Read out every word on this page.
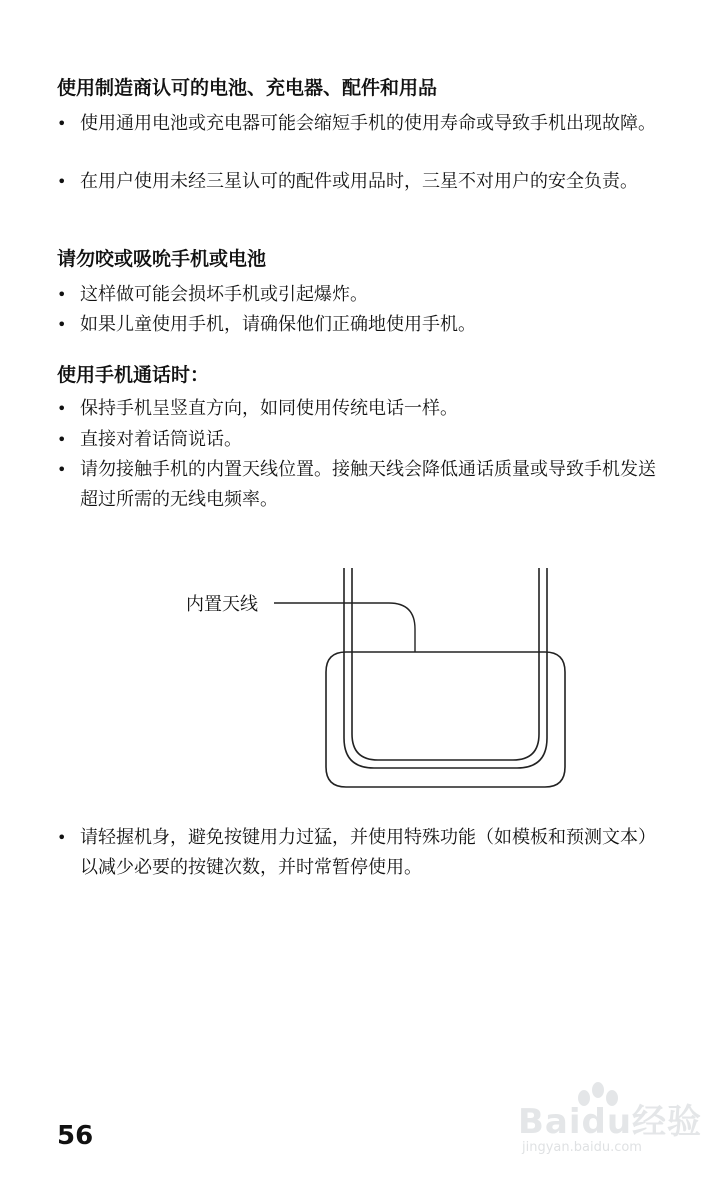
使用制造商认可的电池、充电器、配件和用品
• 使用通用电池或充电器可能会缩短手机的使用寿命或导致手机出现故障。
• 在用户使用未经三星认可的配件或用品时，三星不对用户的安全负责。
请勿咬或吸吮手机或电池
• 这样做可能会损坏手机或引起爆炸。
• 如果儿童使用手机，请确保他们正确地使用手机。
使用手机通话时：
• 保持手机呈竖直方向，如同使用传统电话一样。
• 直接对着话筒说话。
• 请勿接触手机的内置天线位置。接触天线会降低通话质量或导致手机发送超过所需的无线电频率。
内置天线
• 请轻握机身，避免按键用力过猛，并使用特殊功能（如模板和预测文本）以减少必要的按键次数，并时常暂停使用。
56	Baidu经验
jingyan.baidu.com
